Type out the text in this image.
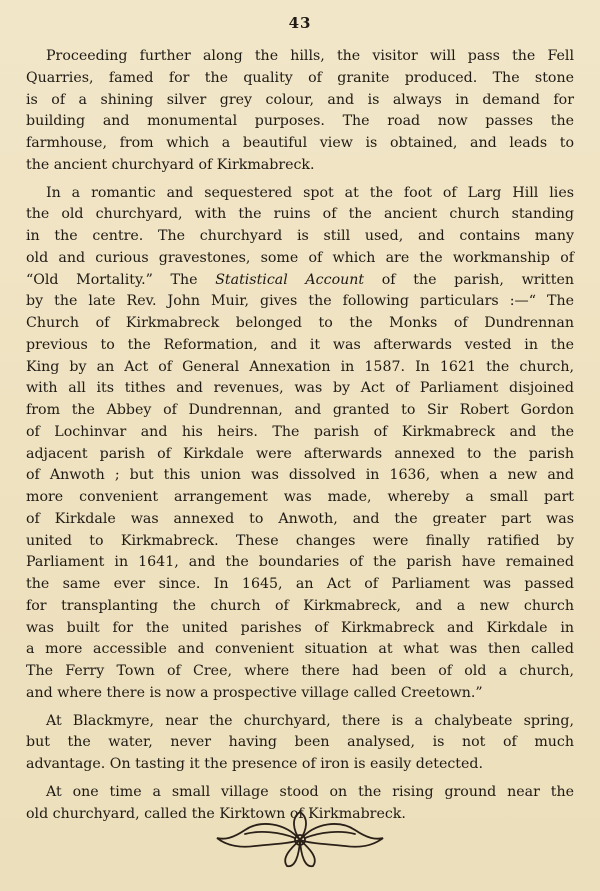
43
Proceeding further along the hills, the visitor will pass the Fell
Quarries, famed for the quality of granite produced. The stone
is of a shining silver grey colour, and is always in demand for
building and monumental purposes. The road now passes the
farmhouse, from which a beautiful view is obtained, and leads to
the ancient churchyard of Kirkmabreck.
In a romantic and sequestered spot at the foot of Larg Hill lies
the old churchyard, with the ruins of the ancient church standing
in the centre. The churchyard is still used, and contains many
old and curious gravestones, some of which are the workmanship of
“Old Mortality.” The Statistical Account of the parish, written
by the late Rev. John Muir, gives the following particulars :—“ The
Church of Kirkmabreck belonged to the Monks of Dundrennan
previous to the Reformation, and it was afterwards vested in the
King by an Act of General Annexation in 1587. In 1621 the church,
with all its tithes and revenues, was by Act of Parliament disjoined
from the Abbey of Dundrennan, and granted to Sir Robert Gordon
of Lochinvar and his heirs. The parish of Kirkmabreck and the
adjacent parish of Kirkdale were afterwards annexed to the parish
of Anwoth ; but this union was dissolved in 1636, when a new and
more convenient arrangement was made, whereby a small part
of Kirkdale was annexed to Anwoth, and the greater part was
united to Kirkmabreck. These changes were finally ratified by
Parliament in 1641, and the boundaries of the parish have remained
the same ever since. In 1645, an Act of Parliament was passed
for transplanting the church of Kirkmabreck, and a new church
was built for the united parishes of Kirkmabreck and Kirkdale in
a more accessible and convenient situation at what was then called
The Ferry Town of Cree, where there had been of old a church,
and where there is now a prospective village called Creetown.”
At Blackmyre, near the churchyard, there is a chalybeate spring,
but the water, never having been analysed, is not of much
advantage. On tasting it the presence of iron is easily detected.
At one time a small village stood on the rising ground near the
old churchyard, called the Kirktown of Kirkmabreck.
